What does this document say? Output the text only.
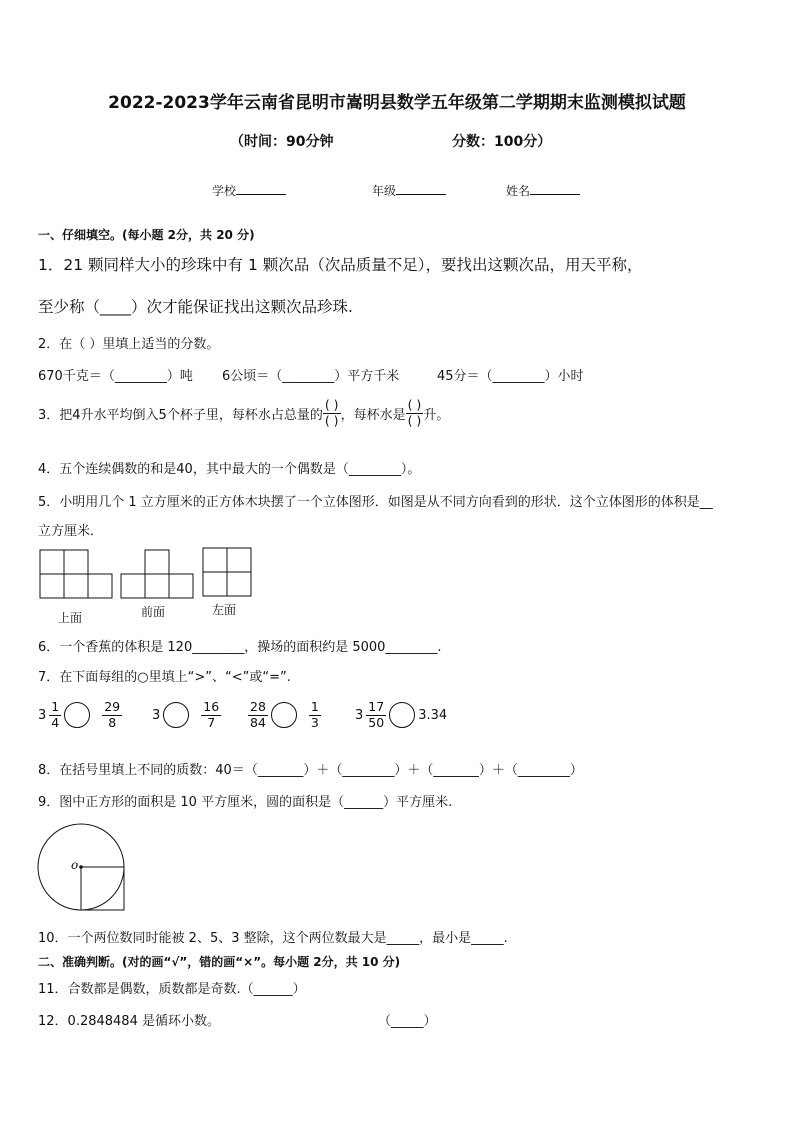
2022-2023学年云南省昆明市嵩明县数学五年级第二学期期末监测模拟试题
（时间：90分钟	分数：100分）
学校	年级	姓名
一、仔细填空。(每小题 2分，共 20 分)
1．21 颗同样大小的珍珠中有 1 颗次品（次品质量不足），要找出这颗次品，用天平称，
至少称（____）次才能保证找出这颗次品珍珠.
2．在（ ）里填上适当的分数。
670千克＝（________）吨 6公顷＝（________）平方千米	45分＝（________）小时
3．把4升水平均倒入5个杯子里，每杯水占总量的 $\frac{( )}{( )}$ ，每杯水是 $\frac{( )}{( )}$ 升。
4．五个连续偶数的和是40，其中最大的一个偶数是（________）。
5．小明用几个 1 立方厘米的正方体木块摆了一个立体图形．如图是从不同方向看到的形状．这个立体图形的体积是__
立方厘米．
上面	前面	左面
6．一个香蕉的体积是 120________，操场的面积约是 5000________.
7．在下面每组的○里填上“>”、“<”或“=”.
$3 \frac{1}{4}$	$\frac{29}{8} 3$	$\frac{16}{7} \frac{28}{84}$	$\frac{1}{3}$	$3 \frac{17}{50} 3.34$
8．在括号里填上不同的质数：40＝（_______）＋（________）＋（_______）＋（________）
9．图中正方形的面积是 10 平方厘米，圆的面积是（______）平方厘米.
o
10．一个两位数同时能被 2、5、3 整除，这个两位数最大是_____，最小是_____.
二、准确判断。(对的画“√”，错的画“×”。每小题 2分，共 10 分)
11．合数都是偶数，质数都是奇数.（______）
12．0.2848484 是循环小数。	（_____）
